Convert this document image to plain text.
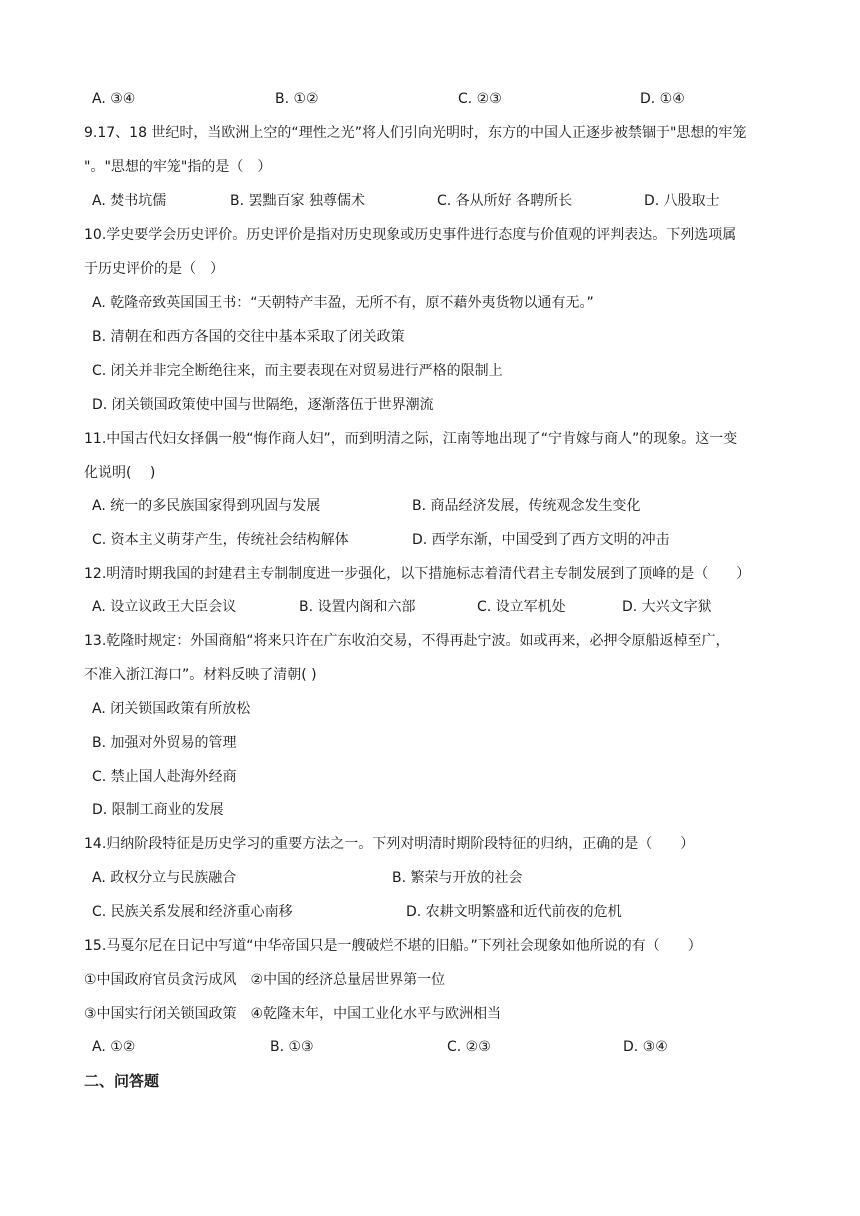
A. ③④	B. ①②	C. ②③	D. ①④
9.17、18 世纪时，当欧洲上空的“理性之光”将人们引向光明时，东方的中国人正逐步被禁锢于"思想的牢笼
"。"思想的牢笼"指的是（　）
A. 焚书坑儒	B. 罢黜百家 独尊儒术	C. 各从所好 各聘所长	D. 八股取士
10.学史要学会历史评价。历史评价是指对历史现象或历史事件进行态度与价值观的评判表达。下列选项属
于历史评价的是（　）
A. 乾隆帝致英国国王书：“天朝特产丰盈，无所不有，原不藉外夷货物以通有无。”
B. 清朝在和西方各国的交往中基本采取了闭关政策
C. 闭关并非完全断绝往来，而主要表现在对贸易进行严格的限制上
D. 闭关锁国政策使中国与世隔绝，逐渐落伍于世界潮流
11.中国古代妇女择偶一般“悔作商人妇”，而到明清之际，江南等地出现了“宁肯嫁与商人”的现象。这一变
化说明(　 )
A. 统一的多民族国家得到巩固与发展	B. 商品经济发展，传统观念发生变化
C. 资本主义萌芽产生，传统社会结构解体	D. 西学东渐，中国受到了西方文明的冲击
12.明清时期我国的封建君主专制制度进一步强化，以下措施标志着清代君主专制发展到了顶峰的是（　　）
A. 设立议政王大臣会议	B. 设置内阁和六部	C. 设立军机处	D. 大兴文字狱
13.乾隆时规定：外国商船“将来只许在广东收泊交易，不得再赴宁波。如或再来，必押令原船返棹至广，
不准入浙江海口”。材料反映了清朝( )
A. 闭关锁国政策有所放松
B. 加强对外贸易的管理
C. 禁止国人赴海外经商
D. 限制工商业的发展
14.归纳阶段特征是历史学习的重要方法之一。下列对明清时期阶段特征的归纳，正确的是（　　）
A. 政权分立与民族融合	B. 繁荣与开放的社会
C. 民族关系发展和经济重心南移	D. 农耕文明繁盛和近代前夜的危机
15.马戛尔尼在日记中写道“中华帝国只是一艘破烂不堪的旧船。”下列社会现象如他所说的有（　　）
①中国政府官员贪污成风　②中国的经济总量居世界第一位
③中国实行闭关锁国政策　④乾隆末年，中国工业化水平与欧洲相当
A. ①②	B. ①③	C. ②③	D. ③④
二、问答题
